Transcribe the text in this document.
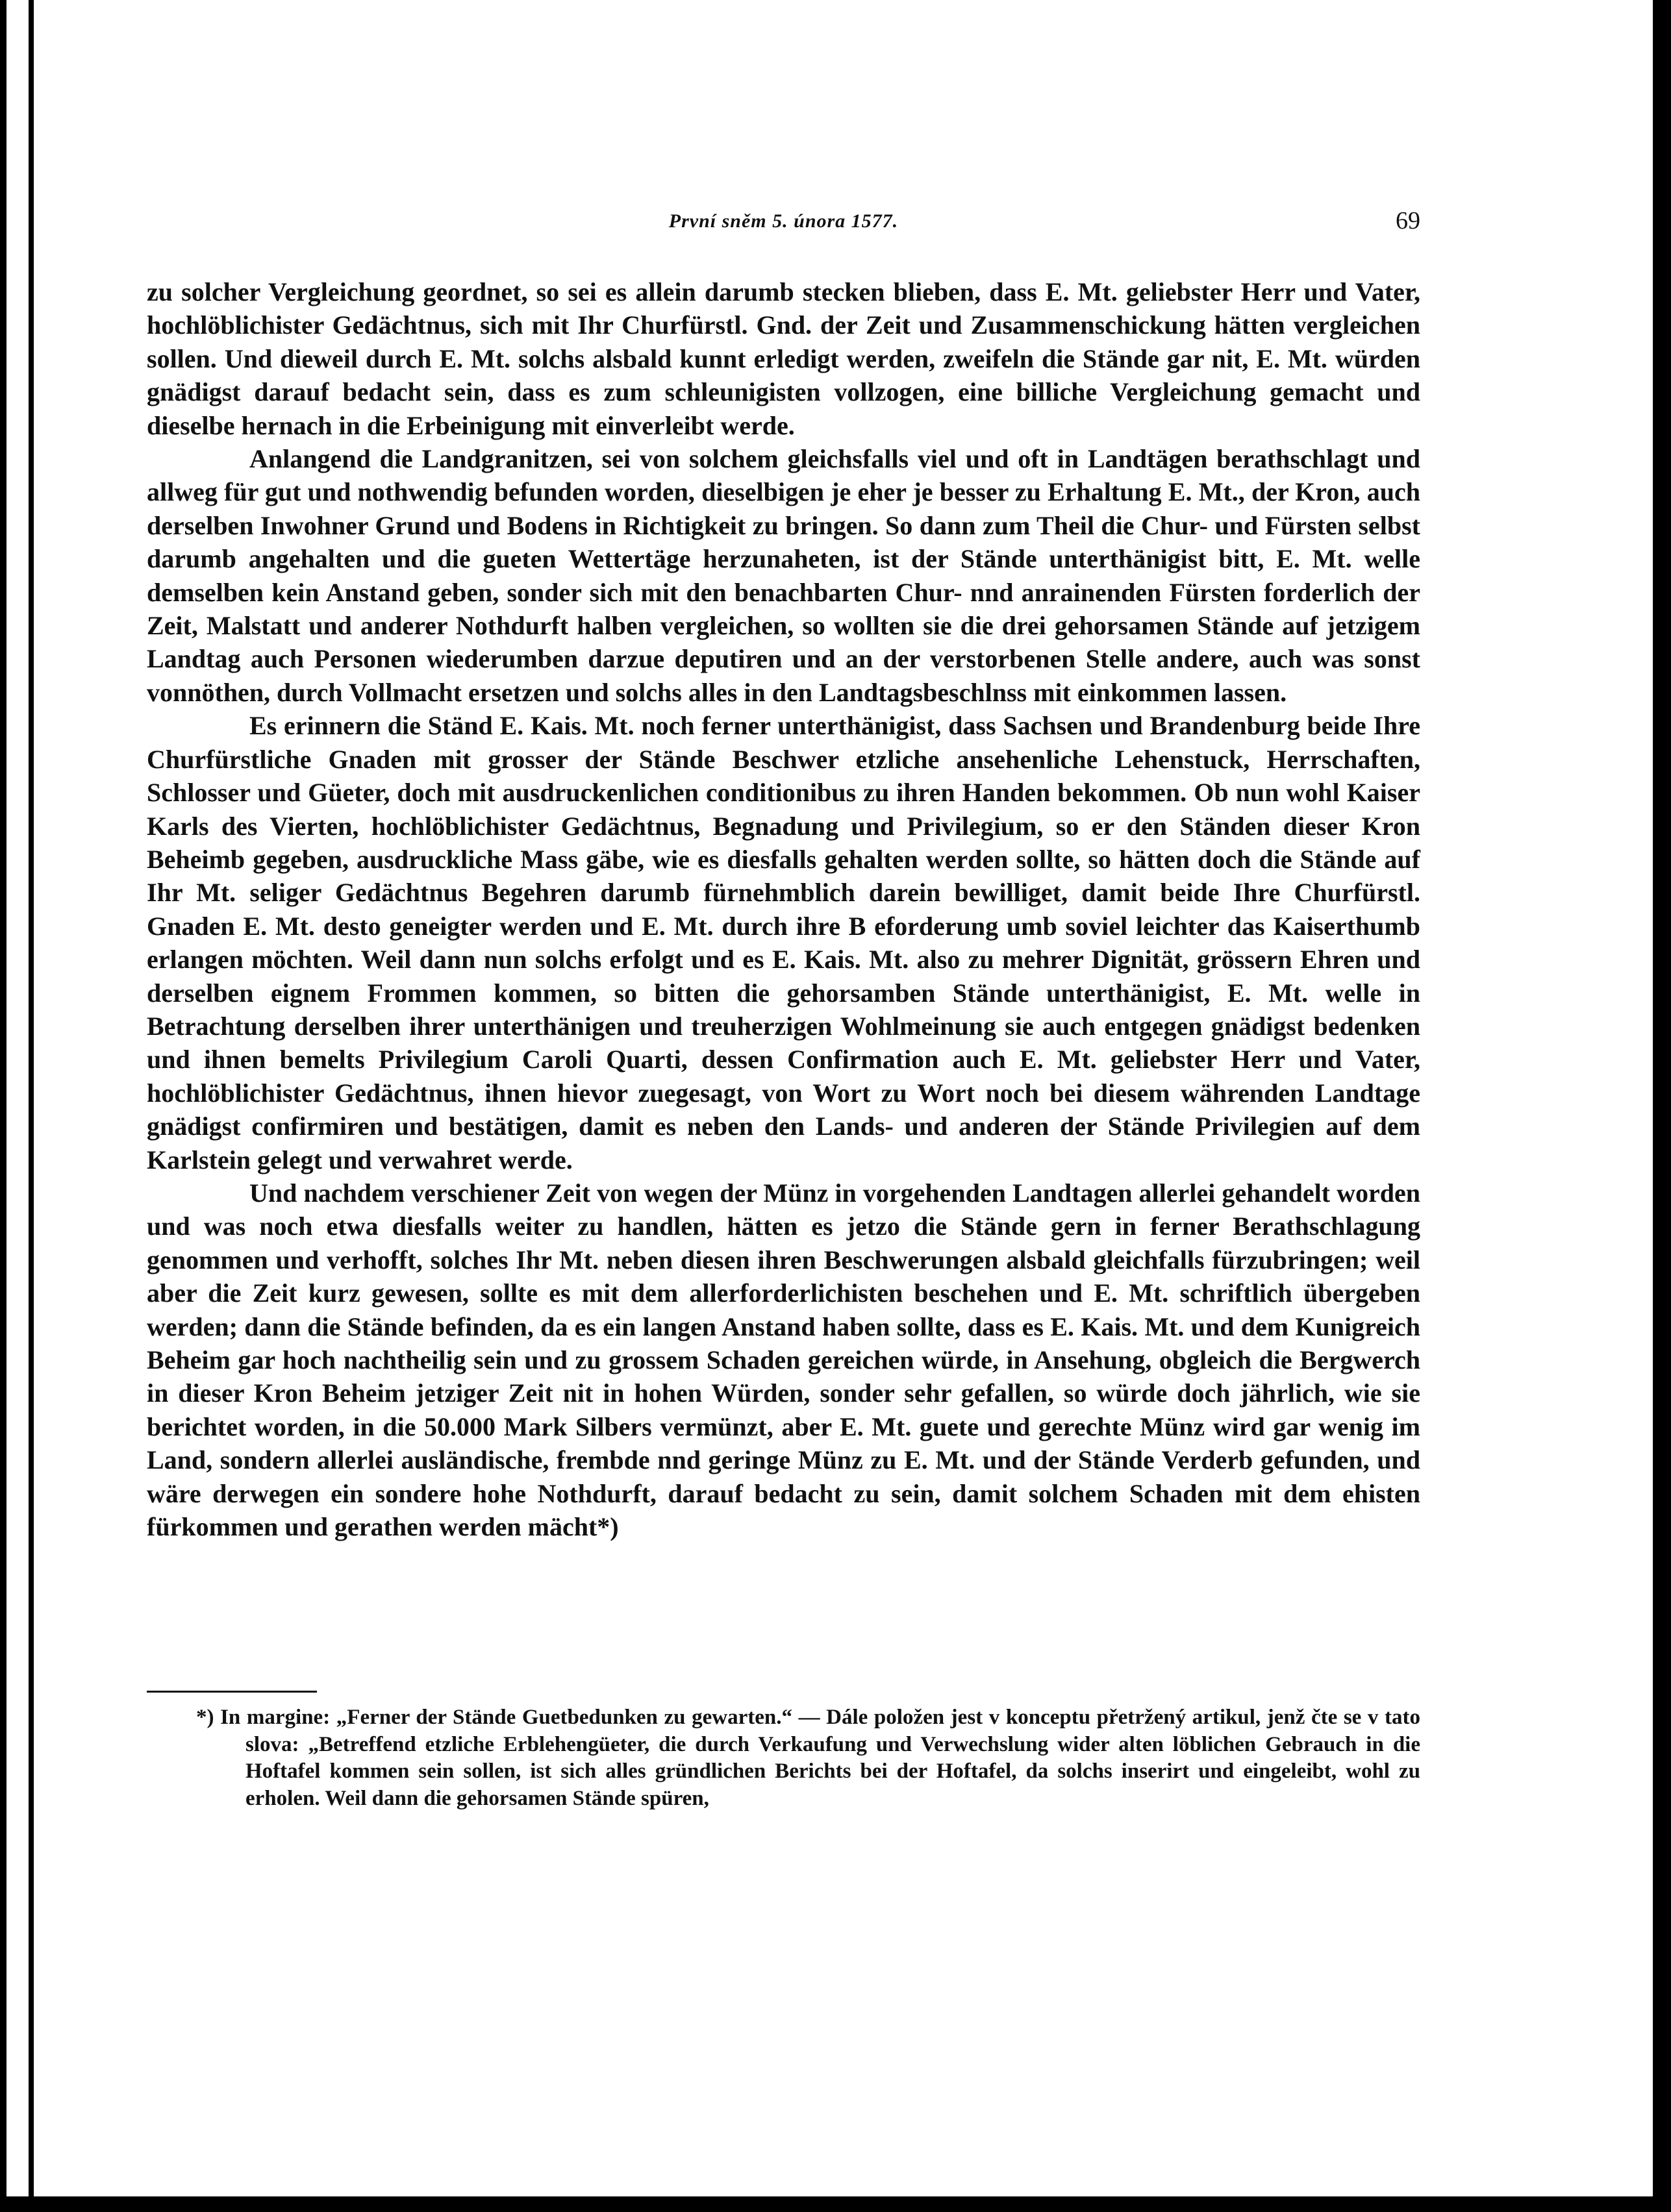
První sněm 5. února 1577.	69

zu solcher Vergleichung geordnet, so sei es allein darumb stecken blieben, dass E. Mt. geliebster Herr und Vater, hochlöblichister Gedächtnus, sich mit Ihr Churfürstl. Gnd. der Zeit und Zusammenschickung hätten vergleichen sollen. Und dieweil durch E. Mt. solchs alsbald kunnt erledigt werden, zweifeln die Stände gar nit, E. Mt. würden gnädigst darauf bedacht sein, dass es zum schleunigisten vollzogen, eine billiche Vergleichung gemacht und dieselbe hernach in die Erbeinigung mit einverleibt werde.

Anlangend die Landgranitzen, sei von solchem gleichsfalls viel und oft in Landtägen berathschlagt und allweg für gut und nothwendig befunden worden, dieselbigen je eher je besser zu Erhaltung E. Mt., der Kron, auch derselben Inwohner Grund und Bodens in Richtigkeit zu bringen. So dann zum Theil die Chur- und Fürsten selbst darumb angehalten und die gueten Wettertäge herzunaheten, ist der Stände unterthänigist bitt, E. Mt. welle demselben kein Anstand geben, sonder sich mit den benachbarten Chur- nnd anrainenden Fürsten forderlich der Zeit, Malstatt und anderer Nothdurft halben vergleichen, so wollten sie die drei gehorsamen Stände auf jetzigem Landtag auch Personen wiederumben darzue deputiren und an der verstorbenen Stelle andere, auch was sonst vonnöthen, durch Vollmacht ersetzen und solchs alles in den Landtagsbeschlnss mit einkommen lassen.

Es erinnern die Ständ E. Kais. Mt. noch ferner unterthänigist, dass Sachsen und Brandenburg beide Ihre Churfürstliche Gnaden mit grosser der Stände Beschwer etzliche ansehenliche Lehenstuck, Herrschaften, Schlosser und Güeter, doch mit ausdruckenlichen conditionibus zu ihren Handen bekommen. Ob nun wohl Kaiser Karls des Vierten, hochlöblichister Gedächtnus, Begnadung und Privilegium, so er den Ständen dieser Kron Beheimb gegeben, ausdruckliche Mass gäbe, wie es diesfalls gehalten werden sollte, so hätten doch die Stände auf Ihr Mt. seliger Gedächtnus Begehren darumb fürnehmblich darein bewilliget, damit beide Ihre Churfürstl. Gnaden E. Mt. desto geneigter werden und E. Mt. durch ihre B eforderung umb soviel leichter das Kaiserthumb erlangen möchten. Weil dann nun solchs erfolgt und es E. Kais. Mt. also zu mehrer Dignität, grössern Ehren und derselben eignem Frommen kommen, so bitten die gehorsamben Stände unterthänigist, E. Mt. welle in Betrachtung derselben ihrer unterthänigen und treuherzigen Wohlmeinung sie auch entgegen gnädigst bedenken und ihnen bemelts Privilegium Caroli Quarti, dessen Confirmation auch E. Mt. geliebster Herr und Vater, hochlöblichister Gedächtnus, ihnen hievor zuegesagt, von Wort zu Wort noch bei diesem währenden Landtage gnädigst confirmiren und bestätigen, damit es neben den Lands- und anderen der Stände Privilegien auf dem Karlstein gelegt und verwahret werde.

Und nachdem verschiener Zeit von wegen der Münz in vorgehenden Landtagen allerlei gehandelt worden und was noch etwa diesfalls weiter zu handlen, hätten es jetzo die Stände gern in ferner Berathschlagung genommen und verhofft, solches Ihr Mt. neben diesen ihren Beschwerungen alsbald gleichfalls fürzubringen; weil aber die Zeit kurz gewesen, sollte es mit dem allerforderlichisten beschehen und E. Mt. schriftlich übergeben werden; dann die Stände befinden, da es ein langen Anstand haben sollte, dass es E. Kais. Mt. und dem Kunigreich Beheim gar hoch nachtheilig sein und zu grossem Schaden gereichen würde, in Ansehung, obgleich die Bergwerch in dieser Kron Beheim jetziger Zeit nit in hohen Würden, sonder sehr gefallen, so würde doch jährlich, wie sie berichtet worden, in die 50.000 Mark Silbers vermünzt, aber E. Mt. guete und gerechte Münz wird gar wenig im Land, sondern allerlei ausländische, frembde nnd geringe Münz zu E. Mt. und der Stände Verderb gefunden, und wäre derwegen ein sondere hohe Nothdurft, darauf bedacht zu sein, damit solchem Schaden mit dem ehisten fürkommen und gerathen werden mächt*)

*) In margine: „Ferner der Stände Guetbedunken zu gewarten.“ — Dále položen jest v konceptu přetržený artikul, jenž čte se v tato slova: „Betreffend etzliche Erblehengüeter, die durch Verkaufung und Verwechslung wider alten löblichen Gebrauch in die Hoftafel kommen sein sollen, ist sich alles gründlichen Berichts bei der Hoftafel, da solchs inserirt und eingeleibt, wohl zu erholen. Weil dann die gehorsamen Stände spüren,
